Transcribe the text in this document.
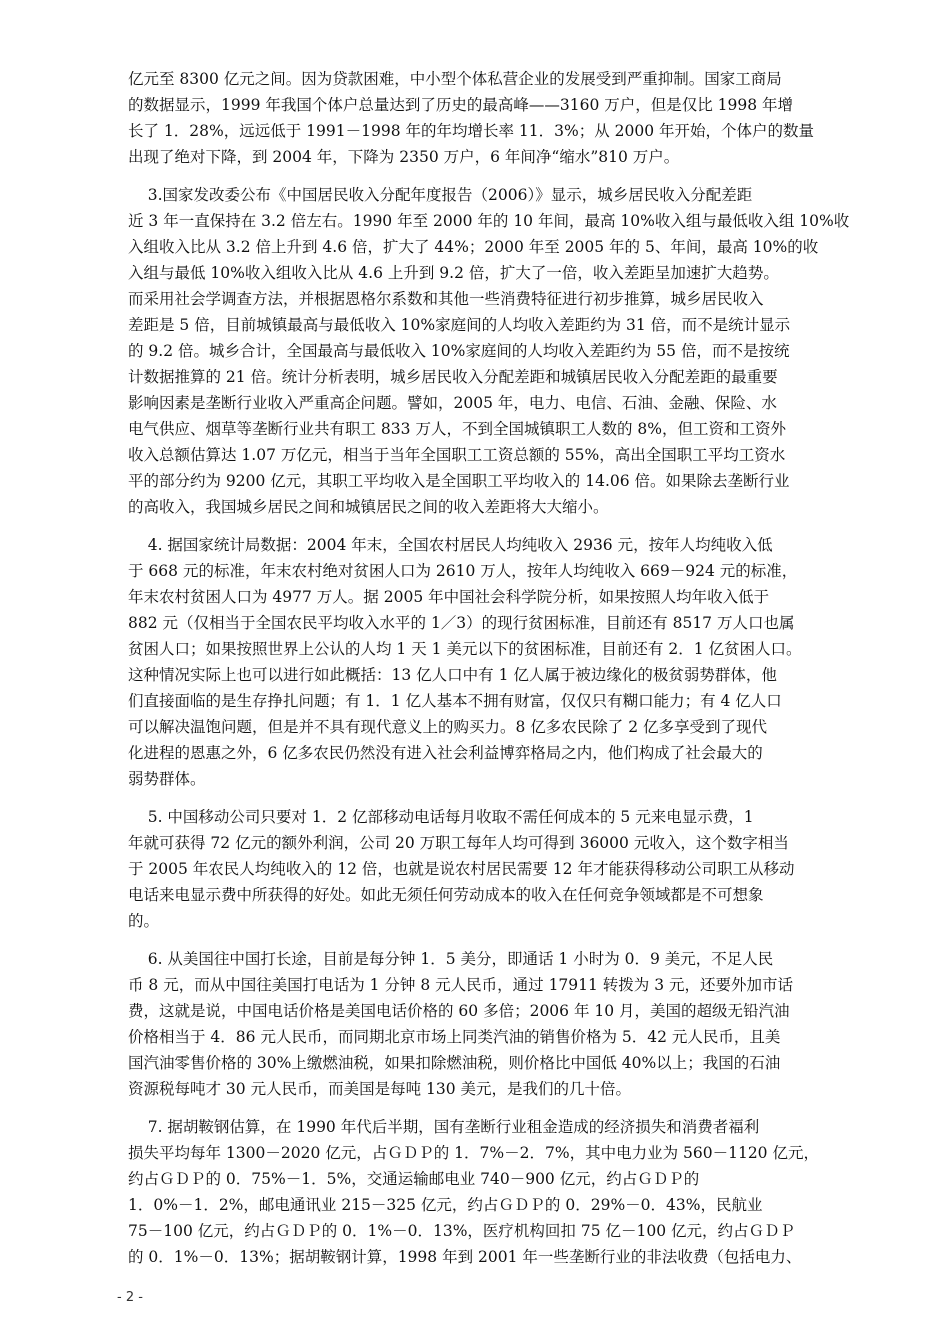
亿元至 8300 亿元之间。因为贷款困难，中小型个体私营企业的发展受到严重抑制。国家工商局
的数据显示，1999 年我国个体户总量达到了历史的最高峰——3160 万户，但是仅比 1998 年增
长了 1．28%，远远低于 1991－1998 年的年均增长率 11．3%；从 2000 年开始，个体户的数量
出现了绝对下降，到 2004 年，下降为 2350 万户，6 年间净“缩水”810 万户。
3.国家发改委公布《中国居民收入分配年度报告（2006）》显示，城乡居民收入分配差距
近 3 年一直保持在 3.2 倍左右。1990 年至 2000 年的 10 年间，最高 10%收入组与最低收入组 10%收
入组收入比从 3.2 倍上升到 4.6 倍，扩大了 44%；2000 年至 2005 年的 5、年间，最高 10%的收
入组与最低 10%收入组收入比从 4.6 上升到 9.2 倍，扩大了一倍，收入差距呈加速扩大趋势。
而采用社会学调查方法，并根据恩格尔系数和其他一些消费特征进行初步推算，城乡居民收入
差距是 5 倍，目前城镇最高与最低收入 10%家庭间的人均收入差距约为 31 倍，而不是统计显示
的 9.2 倍。城乡合计，全国最高与最低收入 10%家庭间的人均收入差距约为 55 倍，而不是按统
计数据推算的 21 倍。统计分析表明，城乡居民收入分配差距和城镇居民收入分配差距的最重要
影响因素是垄断行业收入严重高企问题。譬如，2005 年，电力、电信、石油、金融、保险、水
电气供应、烟草等垄断行业共有职工 833 万人，不到全国城镇职工人数的 8%，但工资和工资外
收入总额估算达 1.07 万亿元，相当于当年全国职工工资总额的 55%，高出全国职工平均工资水
平的部分约为 9200 亿元，其职工平均收入是全国职工平均收入的 14.06 倍。如果除去垄断行业
的高收入，我国城乡居民之间和城镇居民之间的收入差距将大大缩小。
4. 据国家统计局数据：2004 年末，全国农村居民人均纯收入 2936 元，按年人均纯收入低
于 668 元的标准，年末农村绝对贫困人口为 2610 万人，按年人均纯收入 669－924 元的标准，
年末农村贫困人口为 4977 万人。据 2005 年中国社会科学院分析，如果按照人均年收入低于
882 元（仅相当于全国农民平均收入水平的 1／3）的现行贫困标准，目前还有 8517 万人口也属
贫困人口；如果按照世界上公认的人均 1 天 1 美元以下的贫困标准，目前还有 2．1 亿贫困人口。
这种情况实际上也可以进行如此概括：13 亿人口中有 1 亿人属于被边缘化的极贫弱势群体，他
们直接面临的是生存挣扎问题；有 1．1 亿人基本不拥有财富，仅仅只有糊口能力；有 4 亿人口
可以解决温饱问题，但是并不具有现代意义上的购买力。8 亿多农民除了 2 亿多享受到了现代
化进程的恩惠之外，6 亿多农民仍然没有进入社会利益博弈格局之内，他们构成了社会最大的
弱势群体。
5. 中国移动公司只要对 1．2 亿部移动电话每月收取不需任何成本的 5 元来电显示费，1
年就可获得 72 亿元的额外利润，公司 20 万职工每年人均可得到 36000 元收入，这个数字相当
于 2005 年农民人均纯收入的 12 倍，也就是说农村居民需要 12 年才能获得移动公司职工从移动
电话来电显示费中所获得的好处。如此无须任何劳动成本的收入在任何竞争领域都是不可想象
的。
6. 从美国往中国打长途，目前是每分钟 1．5 美分，即通话 1 小时为 0．9 美元，不足人民
币 8 元，而从中国往美国打电话为 1 分钟 8 元人民币，通过 17911 转拨为 3 元，还要外加市话
费，这就是说，中国电话价格是美国电话价格的 60 多倍；2006 年 10 月，美国的超级无铅汽油
价格相当于 4．86 元人民币，而同期北京市场上同类汽油的销售价格为 5．42 元人民币，且美
国汽油零售价格的 30%上缴燃油税，如果扣除燃油税，则价格比中国低 40%以上；我国的石油
资源税每吨才 30 元人民币，而美国是每吨 130 美元，是我们的几十倍。
7. 据胡鞍钢估算，在 1990 年代后半期，国有垄断行业租金造成的经济损失和消费者福利
损失平均每年 1300－2020 亿元，占ＧＤＰ的 1．7%－2．7%，其中电力业为 560－1120 亿元，
约占ＧＤＰ的 0．75%－1．5%，交通运输邮电业 740－900 亿元，约占ＧＤＰ的
1．0%－1．2%，邮电通讯业 215－325 亿元，约占ＧＤＰ的 0．29%－0．43%，民航业
75－100 亿元，约占ＧＤＰ的 0．1%－0．13%，医疗机构回扣 75 亿－100 亿元，约占ＧＤＰ
的 0．1%－0．13%；据胡鞍钢计算，1998 年到 2001 年一些垄断行业的非法收费（包括电力、
- 2 -
